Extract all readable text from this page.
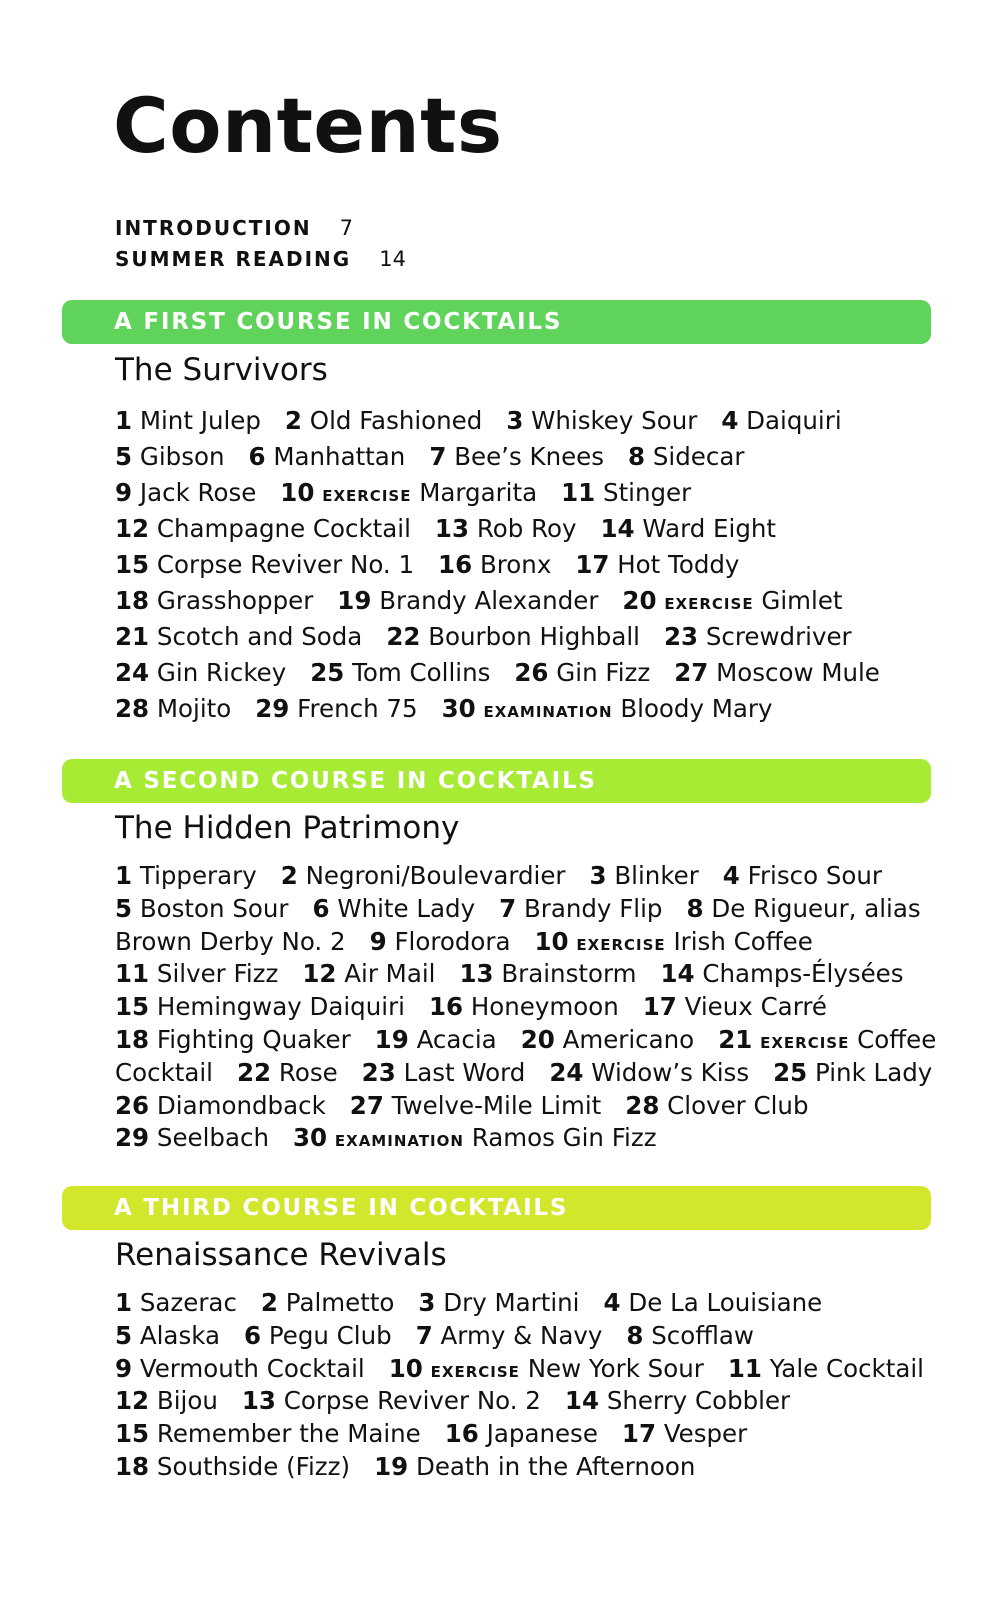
Contents
INTRODUCTION 7
SUMMER READING 14
A FIRST COURSE IN COCKTAILS
The Survivors
1 Mint Julep 2 Old Fashioned 3 Whiskey Sour 4 Daiquiri
5 Gibson 6 Manhattan 7 Bee’s Knees 8 Sidecar
9 Jack Rose 10 exercise Margarita 11 Stinger
12 Champagne Cocktail 13 Rob Roy 14 Ward Eight
15 Corpse Reviver No. 1 16 Bronx 17 Hot Toddy
18 Grasshopper 19 Brandy Alexander 20 exercise Gimlet
21 Scotch and Soda 22 Bourbon Highball 23 Screwdriver
24 Gin Rickey 25 Tom Collins 26 Gin Fizz 27 Moscow Mule
28 Mojito 29 French 75 30 examination Bloody Mary
A SECOND COURSE IN COCKTAILS
The Hidden Patrimony
1 Tipperary 2 Negroni/Boulevardier 3 Blinker 4 Frisco Sour
5 Boston Sour 6 White Lady 7 Brandy Flip 8 De Rigueur, alias
Brown Derby No. 2 9 Florodora 10 exercise Irish Coffee
11 Silver Fizz 12 Air Mail 13 Brainstorm 14 Champs-Élysées
15 Hemingway Daiquiri 16 Honeymoon 17 Vieux Carré
18 Fighting Quaker 19 Acacia 20 Americano 21 exercise Coffee
Cocktail 22 Rose 23 Last Word 24 Widow’s Kiss 25 Pink Lady
26 Diamondback 27 Twelve-Mile Limit 28 Clover Club
29 Seelbach 30 examination Ramos Gin Fizz
A THIRD COURSE IN COCKTAILS
Renaissance Revivals
1 Sazerac 2 Palmetto 3 Dry Martini 4 De La Louisiane
5 Alaska 6 Pegu Club 7 Army & Navy 8 Scofflaw
9 Vermouth Cocktail 10 exercise New York Sour 11 Yale Cocktail
12 Bijou 13 Corpse Reviver No. 2 14 Sherry Cobbler
15 Remember the Maine 16 Japanese 17 Vesper
18 Southside (Fizz) 19 Death in the Afternoon
